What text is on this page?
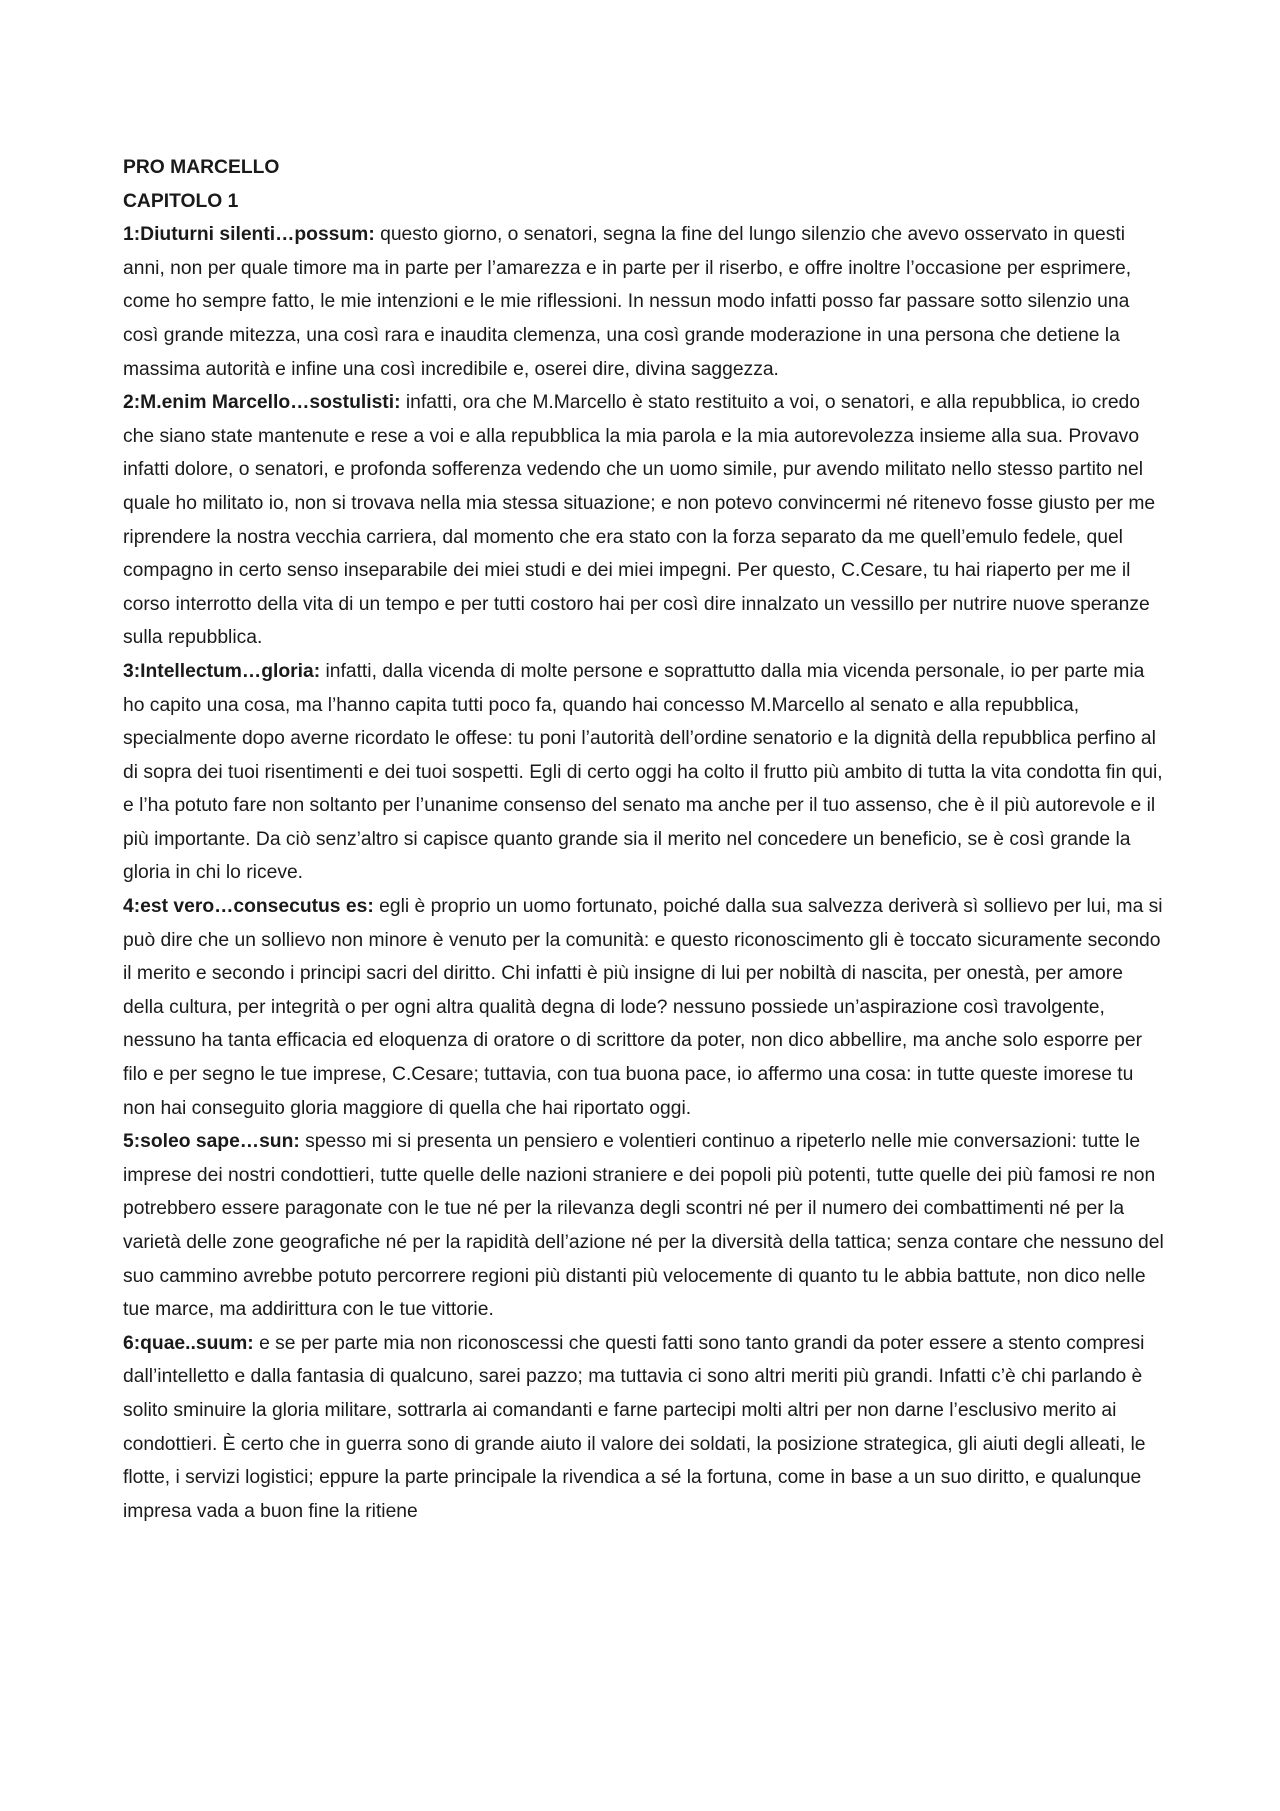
PRO MARCELLO
CAPITOLO 1

1:Diuturni silenti…possum: questo giorno, o senatori, segna la fine del lungo silenzio che avevo osservato in questi anni, non per quale timore ma in parte per l’amarezza e in parte per il riserbo, e offre inoltre l’occasione per esprimere, come ho sempre fatto, le mie intenzioni e le mie riflessioni. In nessun modo infatti posso far passare sotto silenzio una così grande mitezza, una così rara e inaudita clemenza, una così grande moderazione in una persona che detiene la massima autorità e infine una così incredibile e, oserei dire, divina saggezza.

2:M.enim Marcello…sostulisti: infatti, ora che M.Marcello è stato restituito a voi, o senatori, e alla repubblica, io credo che siano state mantenute e rese a voi e alla repubblica la mia parola e la mia autorevolezza insieme alla sua. Provavo infatti dolore, o senatori, e profonda sofferenza vedendo che un uomo simile, pur avendo militato nello stesso partito nel quale ho militato io, non si trovava nella mia stessa situazione; e non potevo convincermi né ritenevo fosse giusto per me riprendere la nostra vecchia carriera, dal momento che era stato con la forza separato da me quell’emulo fedele, quel compagno in certo senso inseparabile dei miei studi e dei miei impegni. Per questo, C.Cesare, tu hai riaperto per me il corso interrotto della vita di un tempo e per tutti costoro hai per così dire innalzato un vessillo per nutrire nuove speranze sulla repubblica.

3:Intellectum…gloria: infatti, dalla vicenda di molte persone e soprattutto dalla mia vicenda personale, io per parte mia ho capito una cosa, ma l’hanno capita tutti poco fa, quando hai concesso M.Marcello al senato e alla repubblica, specialmente dopo averne ricordato le offese: tu poni l’autorità dell’ordine senatorio e la dignità della repubblica perfino al di sopra dei tuoi risentimenti e dei tuoi sospetti. Egli di certo oggi ha colto il frutto più ambito di tutta la vita condotta fin qui, e l’ha potuto fare non soltanto per l’unanime consenso del senato ma anche per il tuo assenso, che è il più autorevole e il più importante. Da ciò senz’altro si capisce quanto grande sia il merito nel concedere un beneficio, se è così grande la gloria in chi lo riceve.

4:est vero…consecutus es: egli è proprio un uomo fortunato, poiché dalla sua salvezza deriverà sì sollievo per lui, ma si può dire che un sollievo non minore è venuto per la comunità: e questo riconoscimento gli è toccato sicuramente secondo il merito e secondo i principi sacri del diritto. Chi infatti è più insigne di lui per nobiltà di nascita, per onestà, per amore della cultura, per integrità o per ogni altra qualità degna di lode? nessuno possiede un’aspirazione così travolgente, nessuno ha tanta efficacia ed eloquenza di oratore o di scrittore da poter, non dico abbellire, ma anche solo esporre per filo e per segno le tue imprese, C.Cesare; tuttavia, con tua buona pace, io affermo una cosa: in tutte queste imorese tu non hai conseguito gloria maggiore di quella che hai riportato oggi.

5:soleo sape…sun: spesso mi si presenta un pensiero e volentieri continuo a ripeterlo nelle mie conversazioni: tutte le imprese dei nostri condottieri, tutte quelle delle nazioni straniere e dei popoli più potenti, tutte quelle dei più famosi re non potrebbero essere paragonate con le tue né per la rilevanza degli scontri né per il numero dei combattimenti né per la varietà delle zone geografiche né per la rapidità dell’azione né per la diversità della tattica; senza contare che nessuno del suo cammino avrebbe potuto percorrere regioni più distanti più velocemente di quanto tu le abbia battute, non dico nelle tue marce, ma addirittura con le tue vittorie.

6:quae..suum: e se per parte mia non riconoscessi che questi fatti sono tanto grandi da poter essere a stento compresi dall’intelletto e dalla fantasia di qualcuno, sarei pazzo; ma tuttavia ci sono altri meriti più grandi. Infatti c’è chi parlando è solito sminuire la gloria militare, sottrarla ai comandanti e farne partecipi molti altri per non darne l’esclusivo merito ai condottieri. È certo che in guerra sono di grande aiuto il valore dei soldati, la posizione strategica, gli aiuti degli alleati, le flotte, i servizi logistici; eppure la parte principale la rivendica a sé la fortuna, come in base a un suo diritto, e qualunque impresa vada a buon fine la ritiene
